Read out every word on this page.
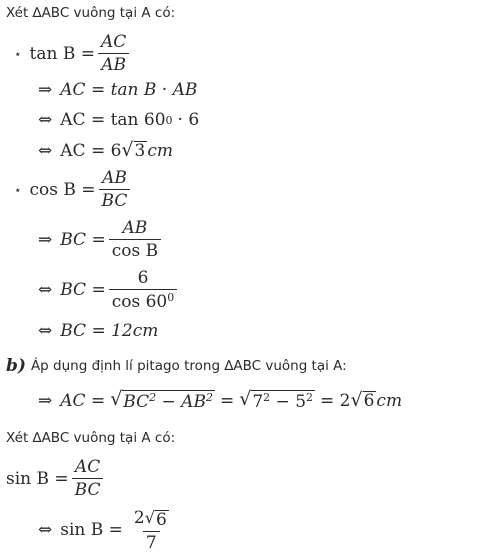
Xét ∆ABC vuông tại A có:
⋆ $\tan B = \frac{AC}{AB}$
⇒ AC = tan B · AB
⇔ AC = tan 60 0 · 6
⇔ AC = 6 √ 3 cm
⋆ $\cos B = \frac{AB}{BC}$
⇒ BC = $\frac{AB}{\text{cos B}}$
⇔ BC = $\frac{6}{\cos 60^0}$
⇔ BC = 12cm
b) Áp dụng định lí pitago trong ∆ABC vuông tại A:
⇒ AC = √ $BC^2 - AB^2$ = √ $7^2 - 5^2 = 2$ √ 6 cm
Xét ∆ABC vuông tại A có:
$\sin B = \frac{AC}{BC}$
⇔ $\sin B = \frac{2 √ 6}{7}$
